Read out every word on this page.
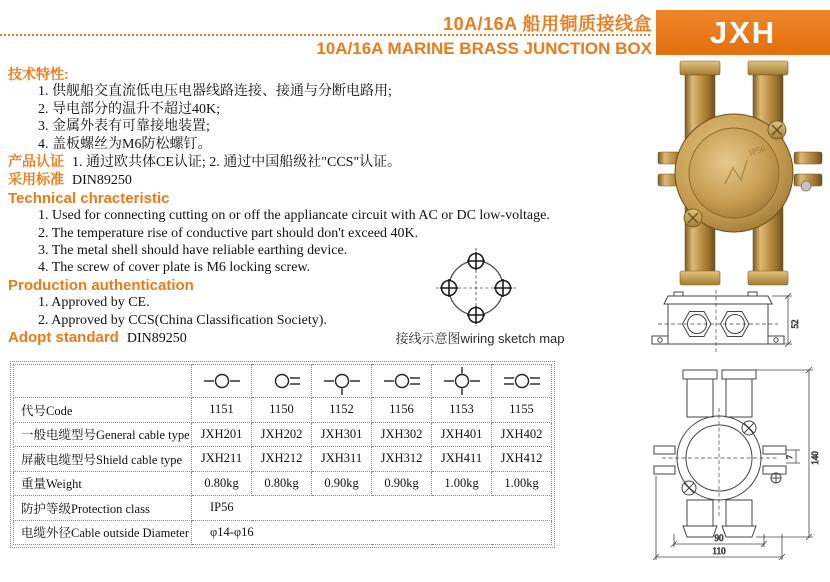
10A/16A 船用铜质接线盒
10A/16A MARINE BRASS JUNCTION BOX	JXH
技术特性:
1. 供舰船交直流低电压电器线路连接、接通与分断电路用;
2. 导电部分的温升不超过40K;
3. 金属外表有可靠接地装置;
4. 盖板螺丝为M6防松螺钉。
产品认证 1. 通过欧共体CE认证; 2. 通过中国船级社"CCS"认证。
采用标准 DIN89250
Technical chracteristic
1. Used for connecting cutting on or off the appliancate circuit with AC or DC low-voltage.
2. The temperature rise of conductive part should don't exceed 40K.
3. The metal shell should have reliable earthing device.
4. The screw of cover plate is M6 locking screw.
Production authentication
1. Approved by CE.
2. Approved by CCS(China Classification Society).
Adopt standard DIN89250	接线示意图wiring sketch map

代号Code	1151	1150	1152	1156	1153	1155
一般电缆型号General cable type	JXH201	JXH202	JXH301	JXH302	JXH401	JXH402
屏蔽电缆型号Shield cable type	JXH211	JXH212	JXH311	JXH312	JXH411	JXH412
重量Weight	0.80kg	0.80kg	0.90kg	0.90kg	1.00kg	1.00kg
防护等级Protection class	IP56					
电缆外径Cable outside Diameter	φ14-φ16					
IP56
52
90
110
140
7
